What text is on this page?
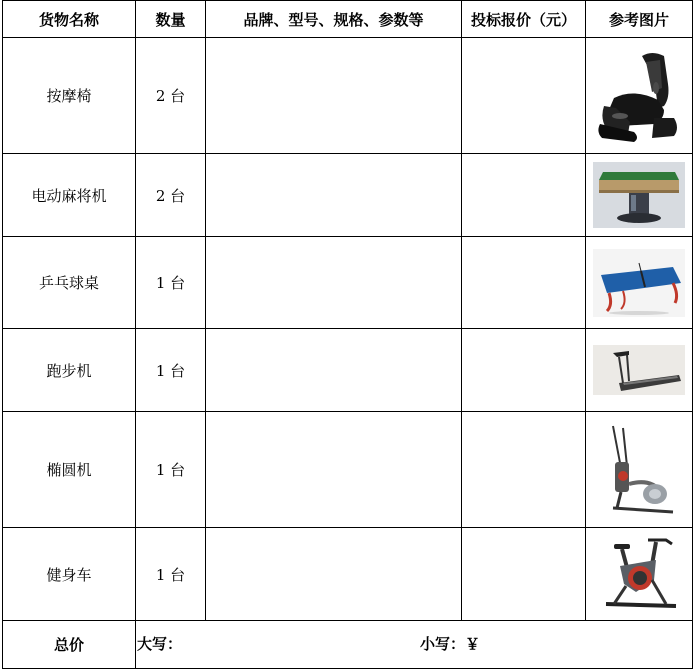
货物名称	数量	品牌、型号、规格、参数等	投标报价（元）	参考图片
按摩椅	2 台			

电动麻将机	2 台			

乒乓球桌	1 台			

跑步机	1 台			

椭圆机	1 台			

健身车	1 台			

总价	大写： 小写：￥			
